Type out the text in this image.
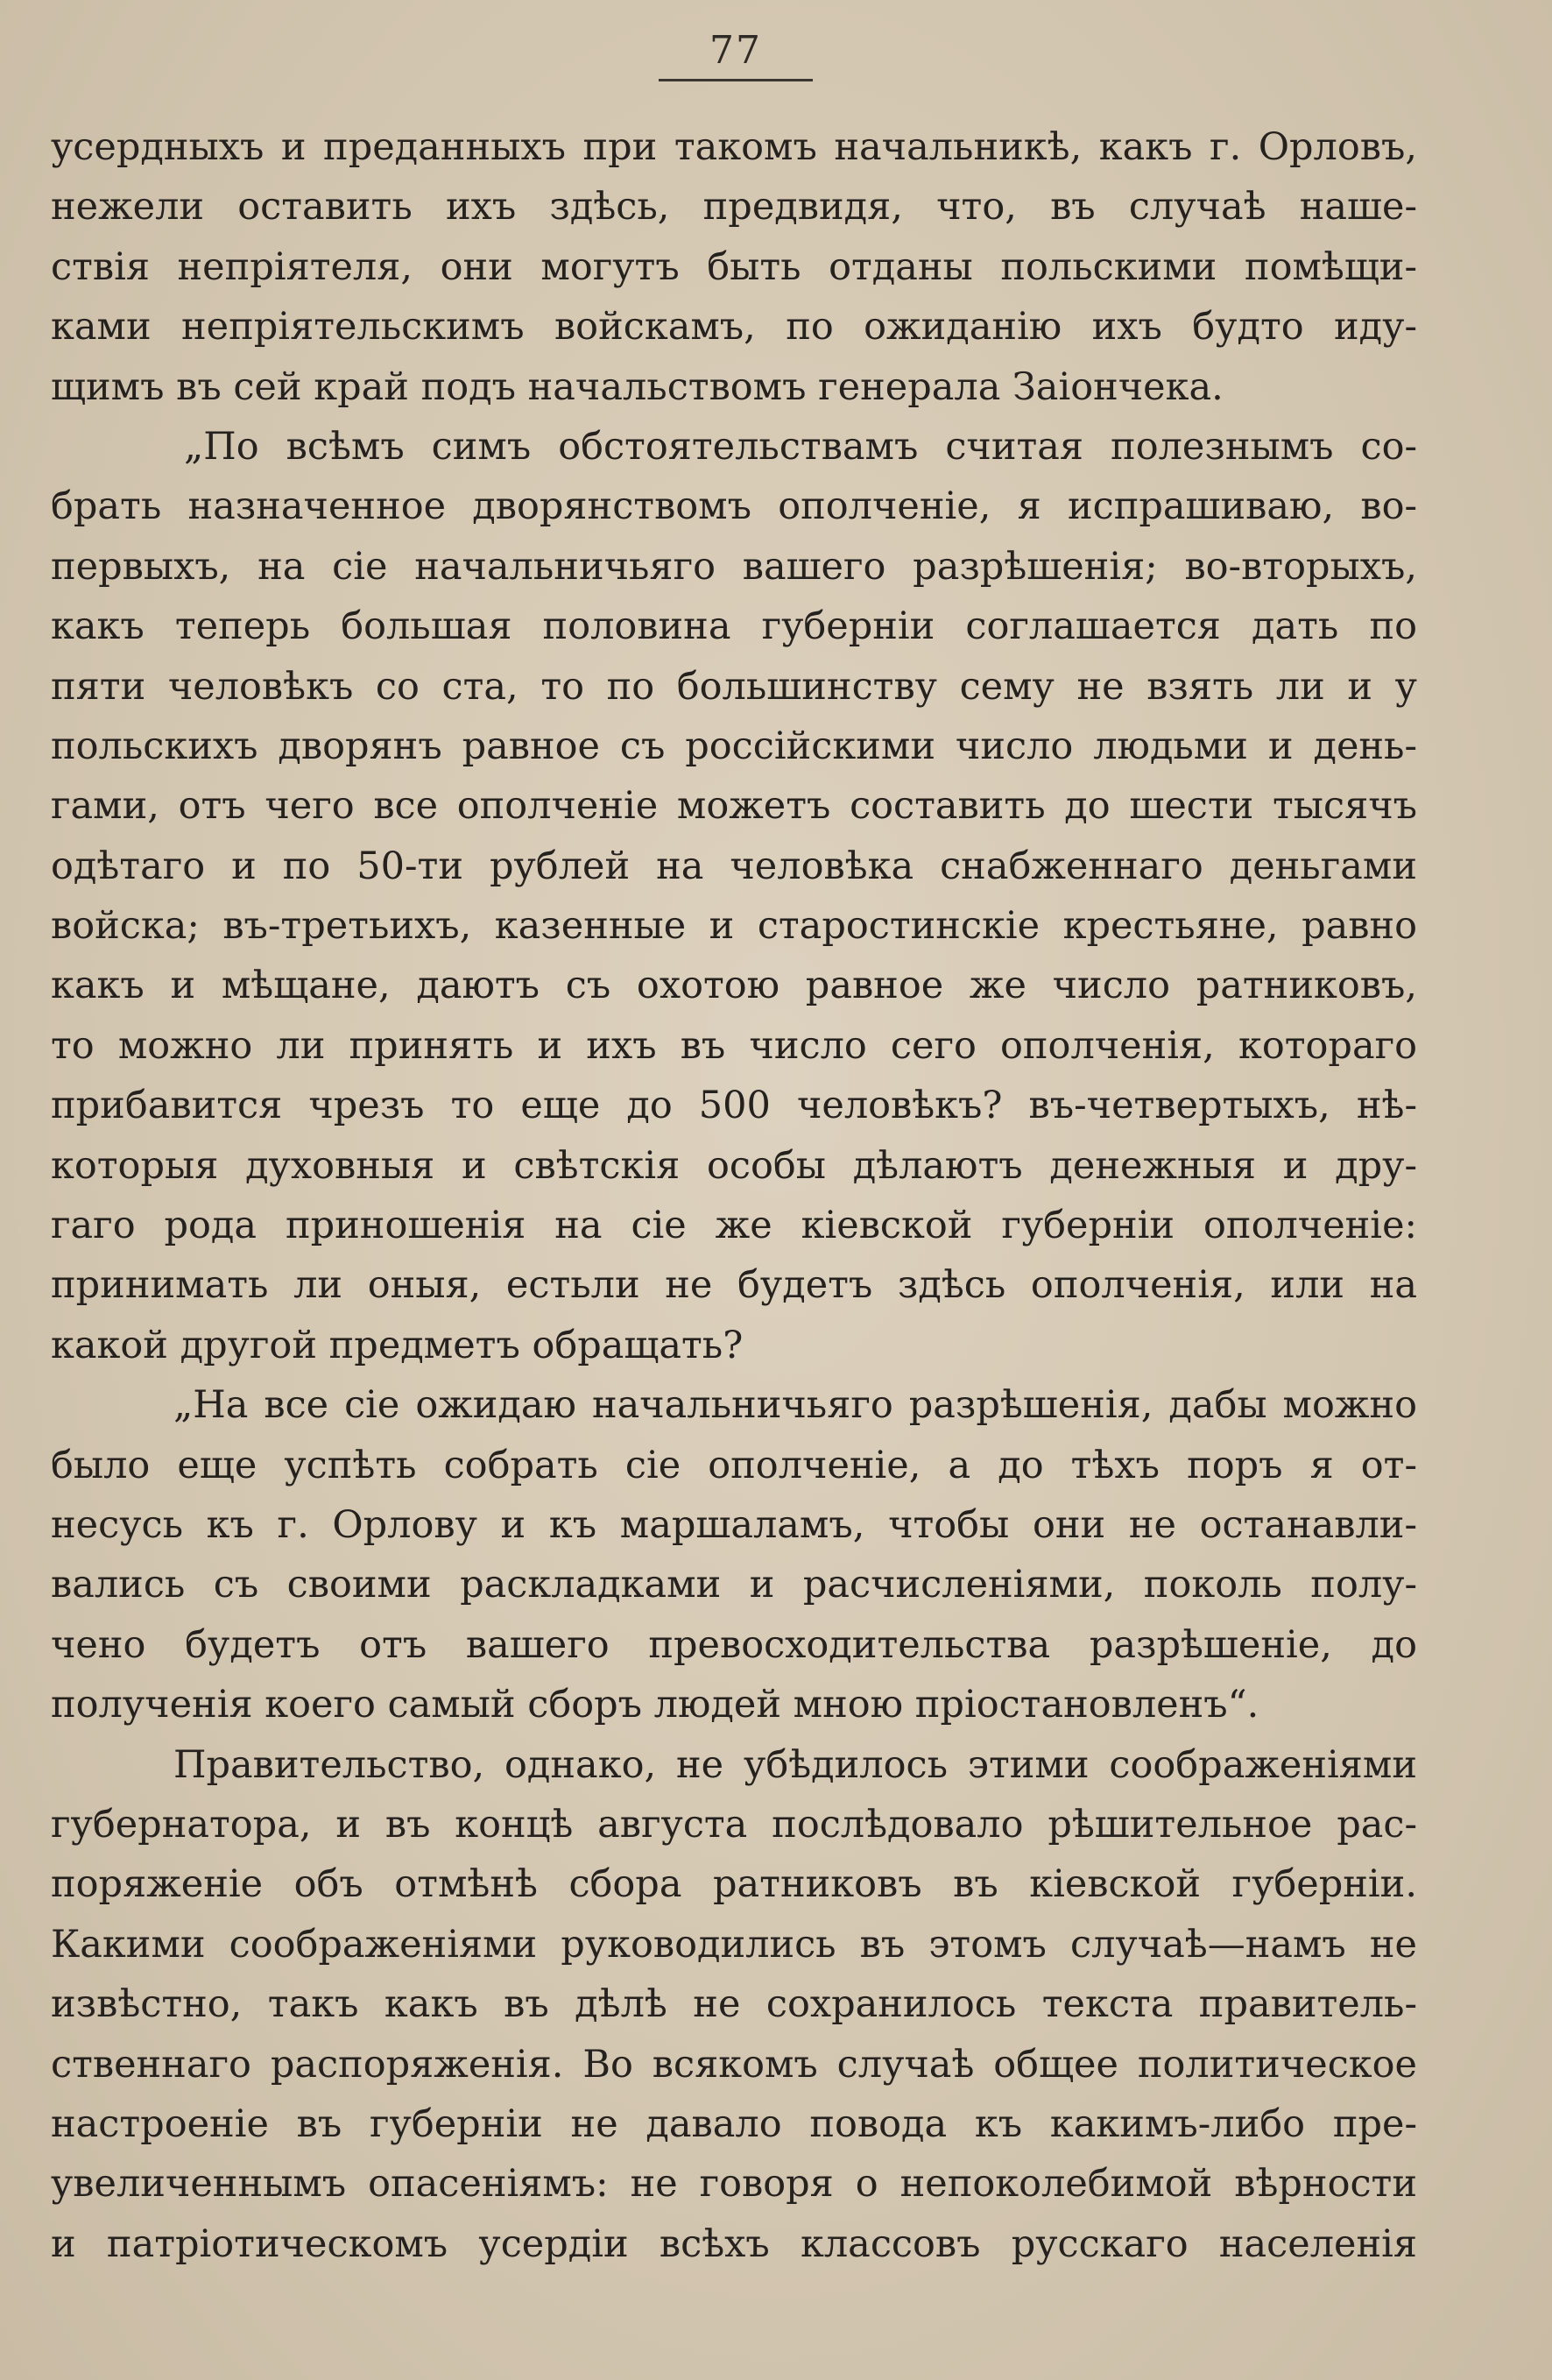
77
усердныхъ и преданныхъ при такомъ начальникѣ, какъ г. Орловъ,
нежели оставить ихъ здѣсь, предвидя, что, въ случаѣ наше-
ствія непріятеля, они могутъ быть отданы польскими помѣщи-
ками непріятельскимъ войскамъ, по ожиданію ихъ будто иду-
щимъ въ сей край подъ начальствомъ генерала Заіончека.
„По всѣмъ симъ обстоятельствамъ считая полезнымъ со-
брать назначенное дворянствомъ ополченіе, я испрашиваю, во-
первыхъ, на сіе начальничьяго вашего разрѣшенія; во-вторыхъ,
какъ теперь большая половина губерніи соглашается дать по
пяти человѣкъ со ста, то по большинству сему не взять ли и у
польскихъ дворянъ равное съ россійскими число людьми и день-
гами, отъ чего все ополченіе можетъ составить до шести тысячъ
одѣтаго и по 50-ти рублей на человѣка снабженнаго деньгами
войска; въ-третьихъ, казенные и старостинскіе крестьяне, равно
какъ и мѣщане, даютъ съ охотою равное же число ратниковъ,
то можно ли принять и ихъ въ число сего ополченія, котораго
прибавится чрезъ то еще до 500 человѣкъ? въ-четвертыхъ, нѣ-
которыя духовныя и свѣтскія особы дѣлаютъ денежныя и дру-
гаго рода приношенія на сіе же кіевской губерніи ополченіе:
принимать ли оныя, естьли не будетъ здѣсь ополченія, или на
какой другой предметъ обращать?
„На все сіе ожидаю начальничьяго разрѣшенія, дабы можно
было еще успѣть собрать сіе ополченіе, а до тѣхъ поръ я от-
несусь къ г. Орлову и къ маршаламъ, чтобы они не останавли-
вались съ своими раскладками и расчисленіями, поколь полу-
чено будетъ отъ вашего превосходительства разрѣшеніе, до
полученія коего самый сборъ людей мною пріостановленъ“.
Правительство, однако, не убѣдилось этими соображеніями
губернатора, и въ концѣ августа послѣдовало рѣшительное рас-
поряженіе объ отмѣнѣ сбора ратниковъ въ кіевской губерніи.
Какими соображеніями руководились въ этомъ случаѣ—намъ не
извѣстно, такъ какъ въ дѣлѣ не сохранилось текста правитель-
ственнаго распоряженія. Во всякомъ случаѣ общее политическое
настроеніе въ губерніи не давало повода къ какимъ-либо пре-
увеличеннымъ опасеніямъ: не говоря о непоколебимой вѣрности
и патріотическомъ усердіи всѣхъ классовъ русскаго населенія
